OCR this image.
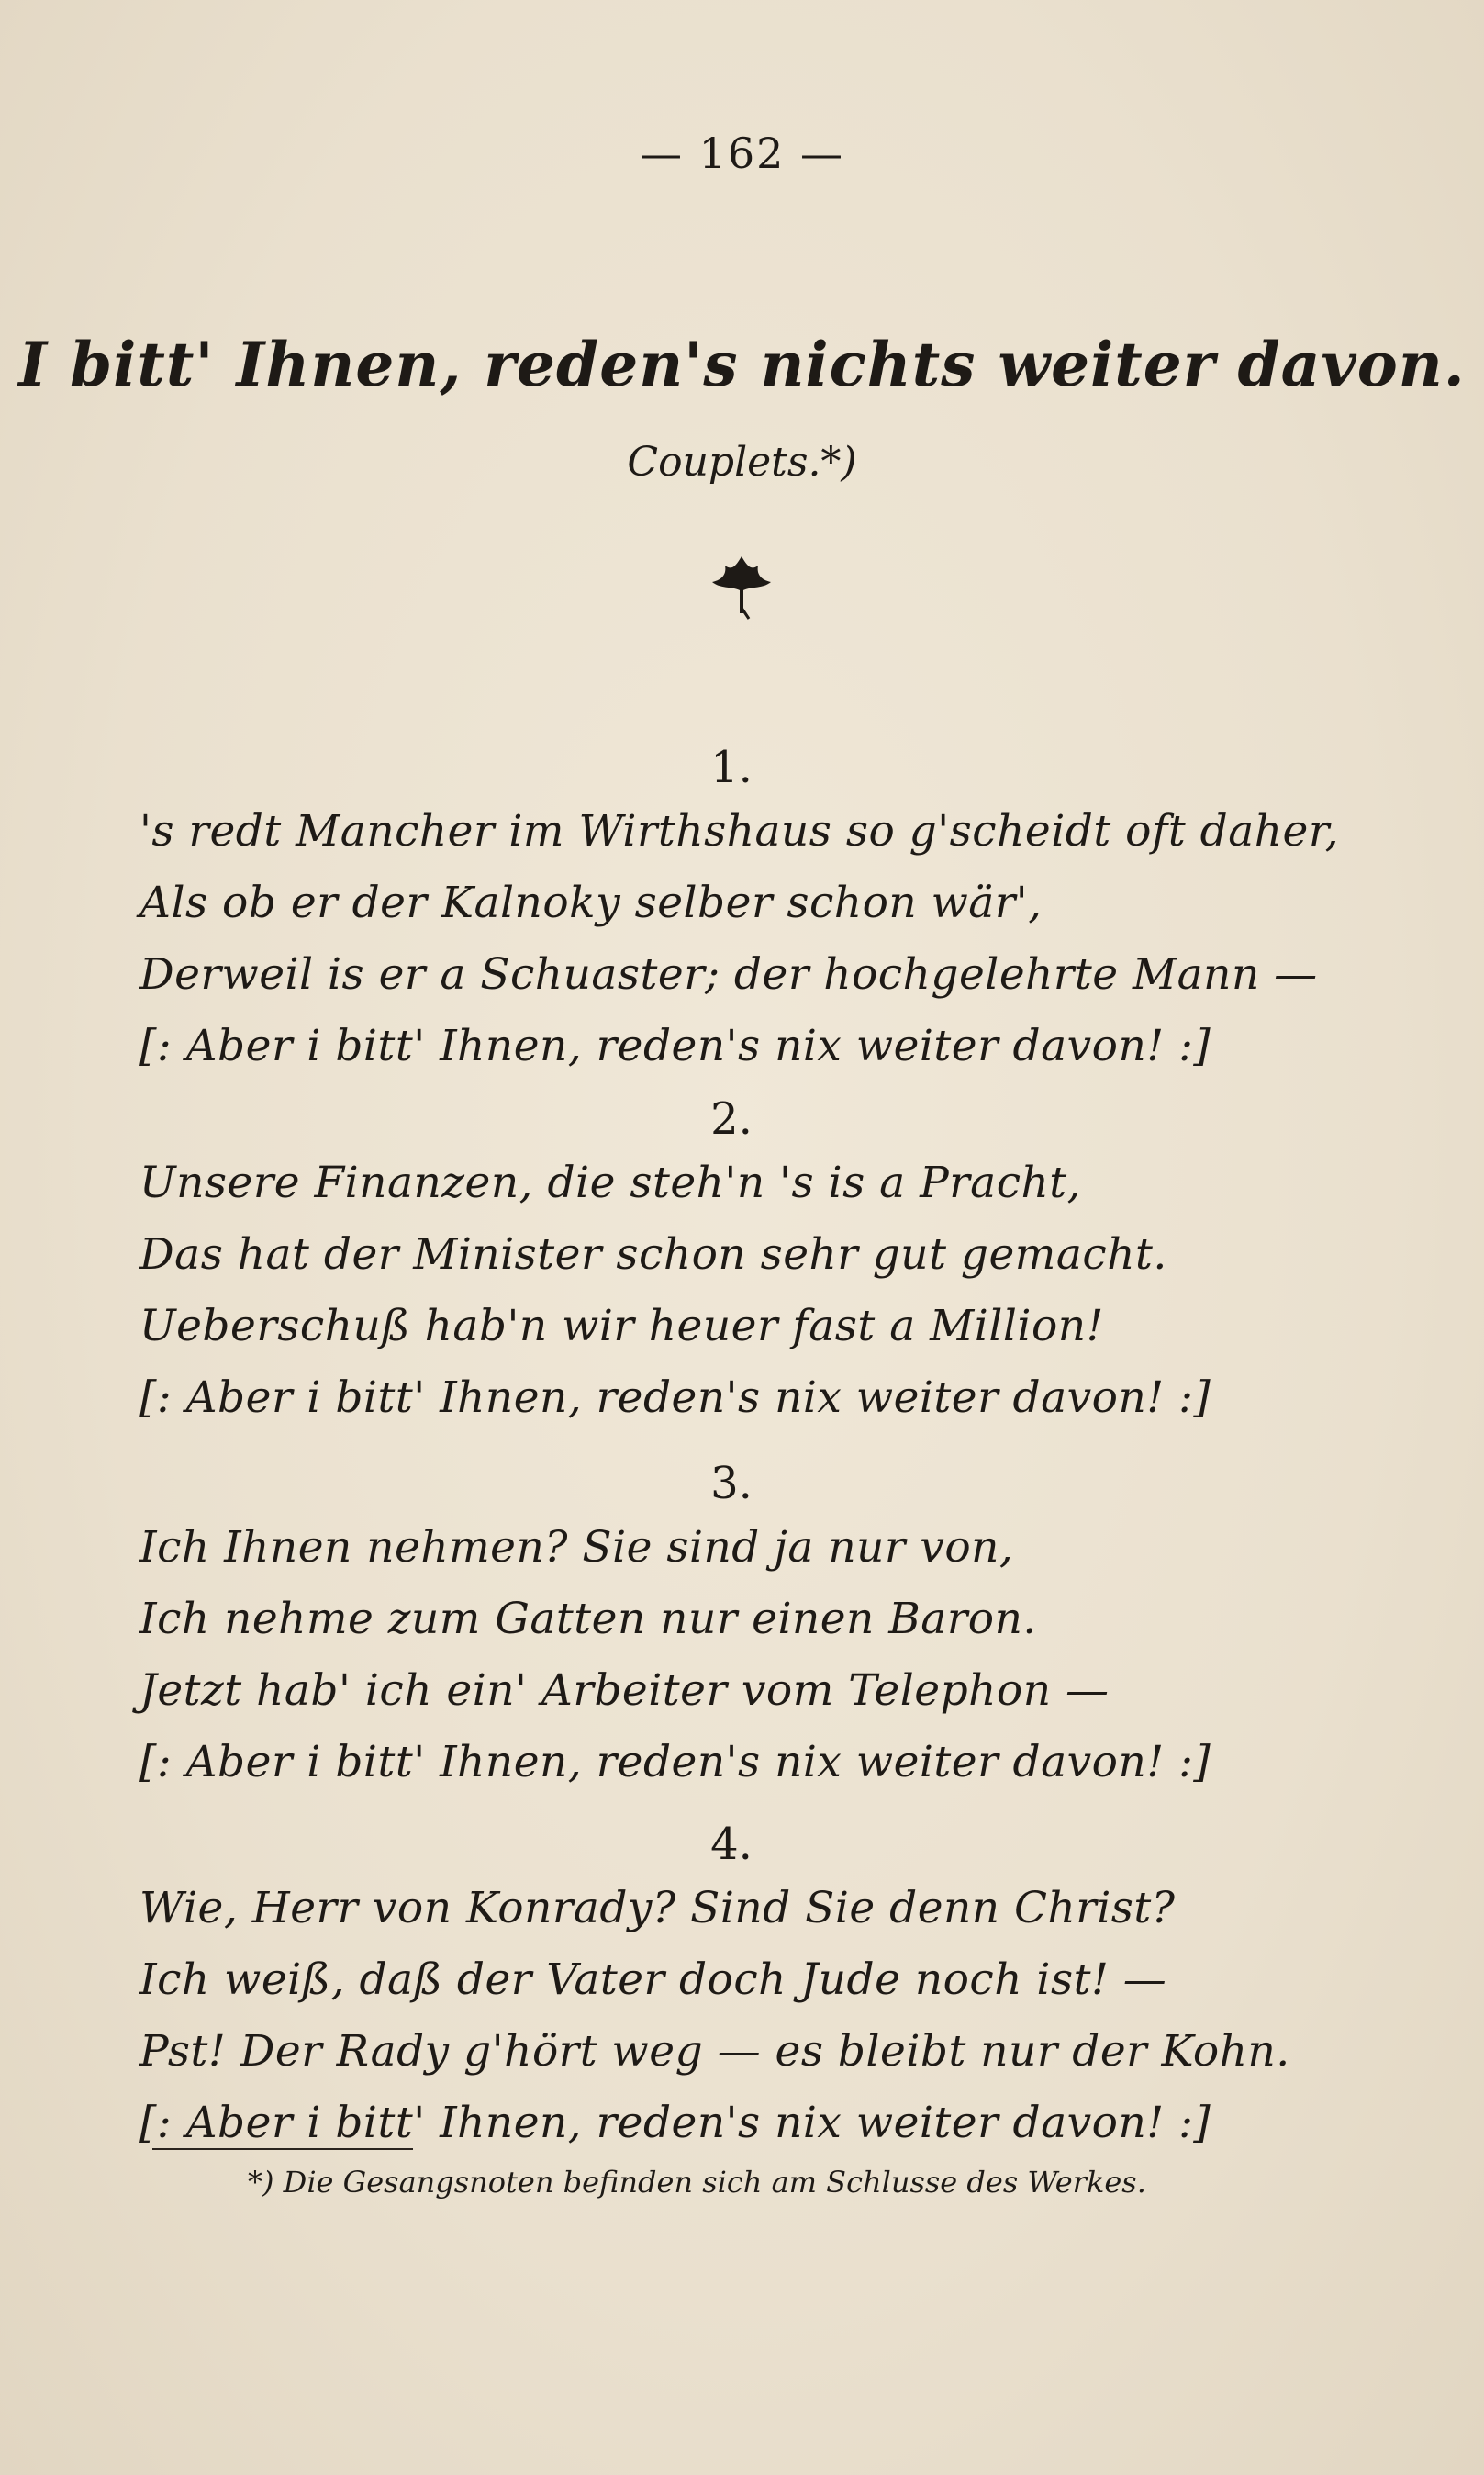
— 162 —
I bitt' Ihnen, reden's nichts weiter davon.
Couplets.*)
1.
's redt Mancher im Wirthshaus so g'scheidt oft daher,
Als ob er der Kalnoky selber schon wär',
Derweil is er a Schuaster; der hochgelehrte Mann —
[: Aber i bitt' Ihnen, reden's nix weiter davon! :]
2.
Unsere Finanzen, die steh'n 's is a Pracht,
Das hat der Minister schon sehr gut gemacht.
Ueberschuß hab'n wir heuer fast a Million!
[: Aber i bitt' Ihnen, reden's nix weiter davon! :]
3.
Ich Ihnen nehmen? Sie sind ja nur von,
Ich nehme zum Gatten nur einen Baron.
Jetzt hab' ich ein' Arbeiter vom Telephon —
[: Aber i bitt' Ihnen, reden's nix weiter davon! :]
4.
Wie, Herr von Konrady? Sind Sie denn Christ?
Ich weiß, daß der Vater doch Jude noch ist! —
Pst! Der Rady g'hört weg — es bleibt nur der Kohn.
[: Aber i bitt' Ihnen, reden's nix weiter davon! :]
*) Die Gesangsnoten befinden sich am Schlusse des Werkes.
